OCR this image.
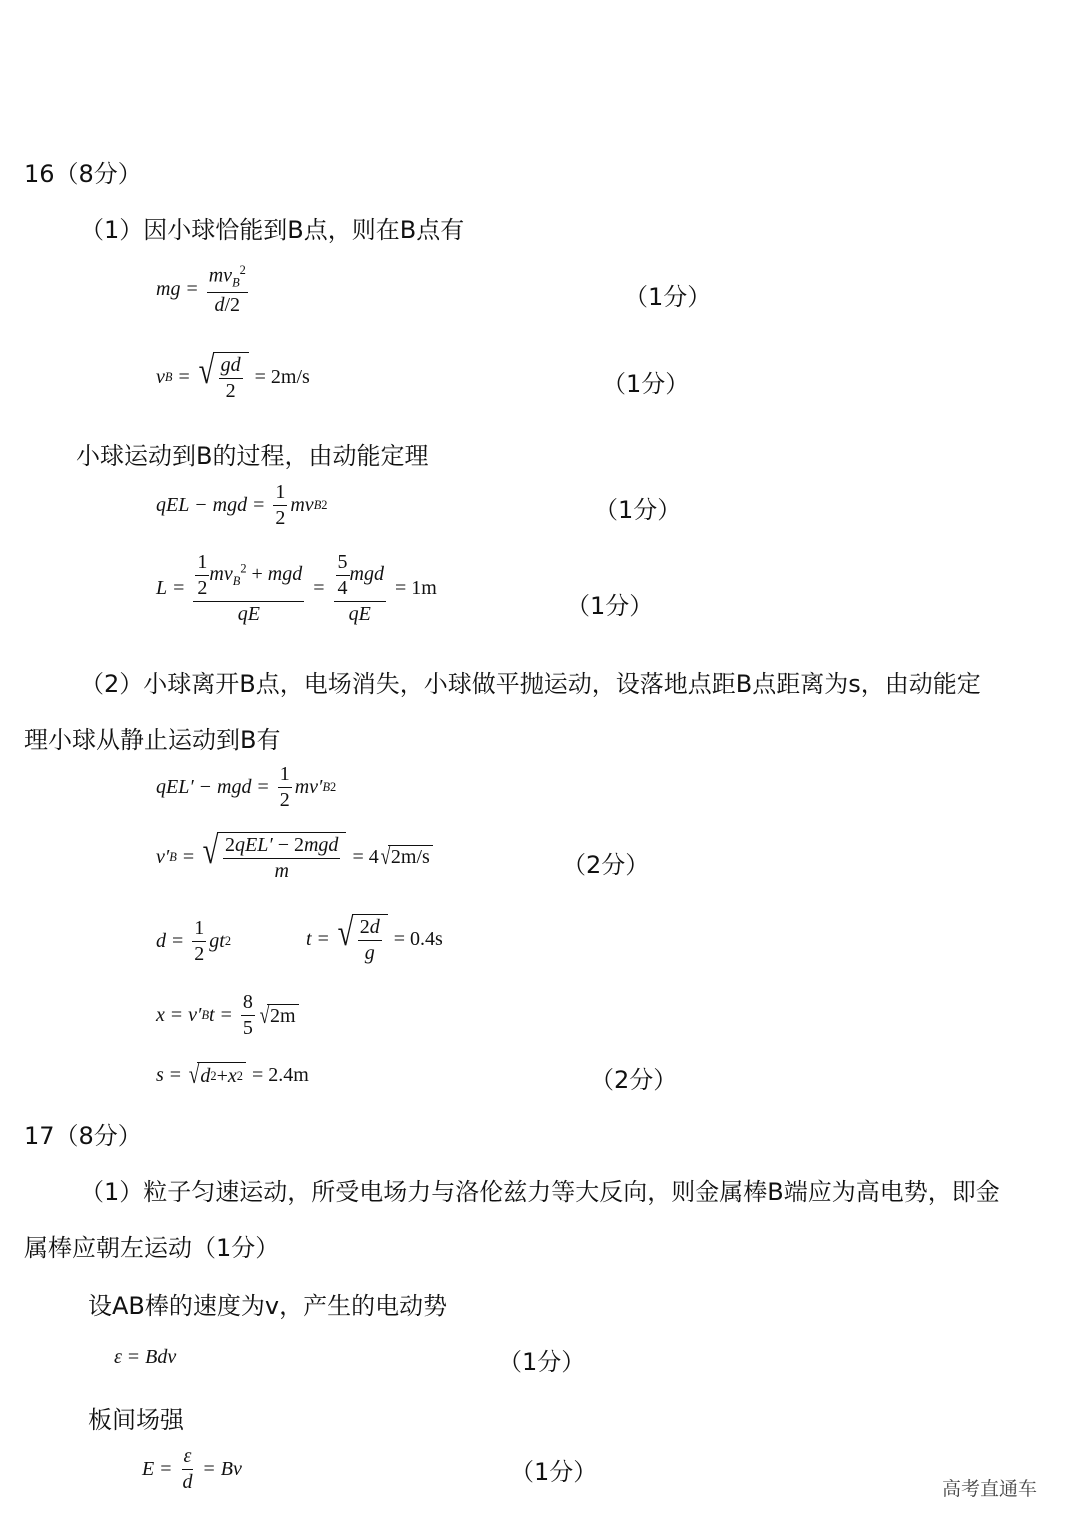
16（8分）
（1）因小球恰能到B点，则在B点有
mg = $\frac{mv_B^2}{d/2}$	（1分）
v B = √ $\frac{gd}{2} = 2m/s$	（1分）
小球运动到B的过程，由动能定理
qEL − mgd = $\frac{1}{2}$ mv B 2	（1分）
$L = \frac{\frac{1}{2} mv_B^2 + mgd}{qE} = \frac{\frac{5}{4} mgd}{qE} = 1m$
（1分）
（2）小球离开B点，电场消失，小球做平抛运动，设落地点距B点距离为s，由动能定
理小球从静止运动到B有
qEL′ − mgd = $\frac{1}{2} mv'$ B 2
v′ B = √ $\frac{\text{2qEL′ − 2mgd}}{m} = 4$ √ 2m/s	（2分）
$d = \frac{1}{2}$ gt 2	t = √ $\frac{2d}{g} = 0.4s$
x = v′ B $t = \frac{8}{5}$ √ 2m
s = √ d 2 + x 2 = 2.4m	（2分）
17（8分）
（1）粒子匀速运动，所受电场力与洛伦兹力等大反向，则金属棒B端应为高电势，即金
属棒应朝左运动（1分）
设AB棒的速度为v，产生的电动势
ε = Bdv	（1分）
板间场强
$E = \frac{\varepsilon}{d} = Bv$	（1分）
高考直通车
